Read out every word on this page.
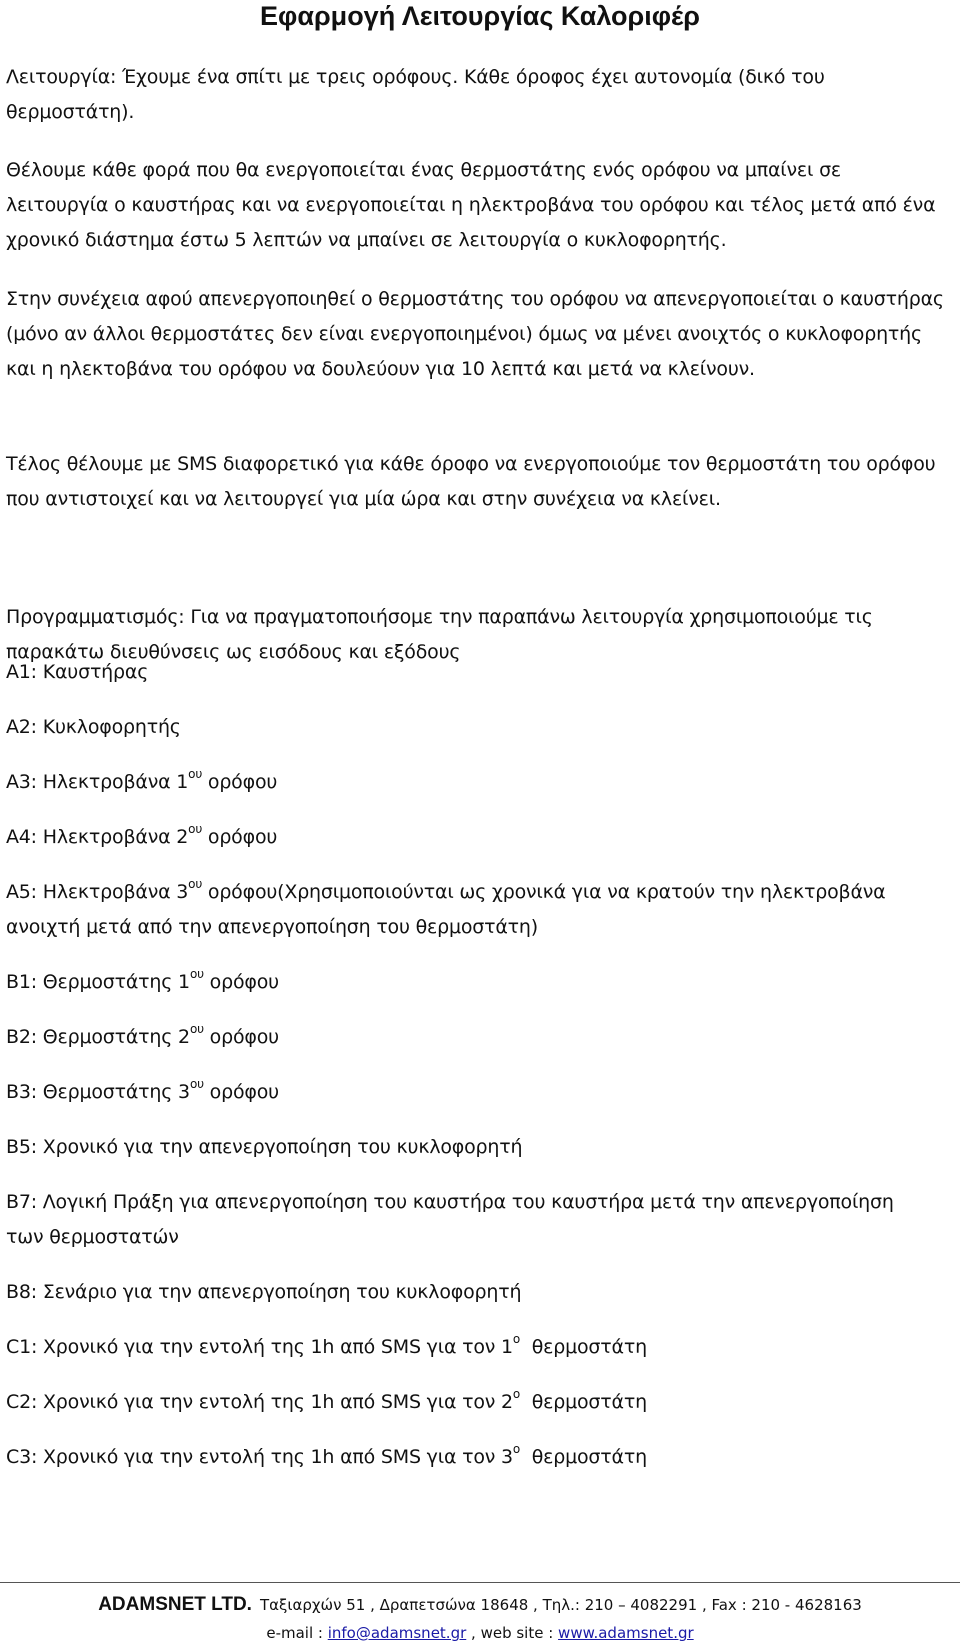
Εφαρμογή Λειτουργίας Καλοριφέρ
Λειτουργία: Έχουμε ένα σπίτι με τρεις ορόφους. Κάθε όροφος έχει αυτονομία (δικό του θερμοστάτη).
Θέλουμε κάθε φορά που θα ενεργοποιείται ένας θερμοστάτης ενός ορόφου να μπαίνει σε λειτουργία ο καυστήρας και να ενεργοποιείται η ηλεκτροβάνα του ορόφου και τέλος μετά από ένα χρονικό διάστημα έστω 5 λεπτών να μπαίνει σε λειτουργία ο κυκλοφορητής.
Στην συνέχεια αφού απενεργοποιηθεί ο θερμοστάτης του ορόφου να απενεργοποιείται ο καυστήρας (μόνο αν άλλοι θερμοστάτες δεν είναι ενεργοποιημένοι) όμως να μένει ανοιχτός ο κυκλοφορητής και η ηλεκτοβάνα του ορόφου να δουλεύουν για 10 λεπτά και μετά να κλείνουν.
Τέλος θέλουμε με SMS διαφορετικό για κάθε όροφο να ενεργοποιούμε τον θερμοστάτη του ορόφου που αντιστοιχεί και να λειτουργεί για μία ώρα και στην συνέχεια να κλείνει.
Προγραμματισμός: Για να πραγματοποιήσομε την παραπάνω λειτουργία χρησιμοποιούμε τις παρακάτω διευθύνσεις ως εισόδους και εξόδους
A1: Καυστήρας
A2: Κυκλοφορητής
A3: Ηλεκτροβάνα $1^{o\upsilon}$ ορόφου
A4: Ηλεκτροβάνα $2^{o\upsilon}$ ορόφου
A5: Ηλεκτροβάνα $3^{o\upsilon}$ ορόφου(Χρησιμοποιούνται ως χρονικά για να κρατούν την ηλεκτροβάνα ανοιχτή μετά από την απενεργοποίηση του θερμοστάτη)
B1: Θερμοστάτης $1^{o\upsilon}$ ορόφου
B2: Θερμοστάτης $2^{o\upsilon}$ ορόφου
B3: Θερμοστάτης $3^{o\upsilon}$ ορόφου
B5: Χρονικό για την απενεργοποίηση του κυκλοφορητή
B7: Λογική Πράξη για απενεργοποίηση του καυστήρα του καυστήρα μετά την απενεργοποίηση των θερμοστατών
B8: Σενάριο για την απενεργοποίηση του κυκλοφορητή
C1: Χρονικό για την εντολή της 1h από SMS για τον $1^o$  θερμοστάτη
C2: Χρονικό για την εντολή της 1h από SMS για τον $2^o$  θερμοστάτη
C3: Χρονικό για την εντολή της 1h από SMS για τον $3^o$  θερμοστάτη
ADAMSNET LTD. Ταξιαρχών 51 , Δραπετσώνα 18648 , Τηλ.: 210 – 4082291 , Fax : 210 - 4628163
e-mail : info@adamsnet.gr , web site : www.adamsnet.gr
